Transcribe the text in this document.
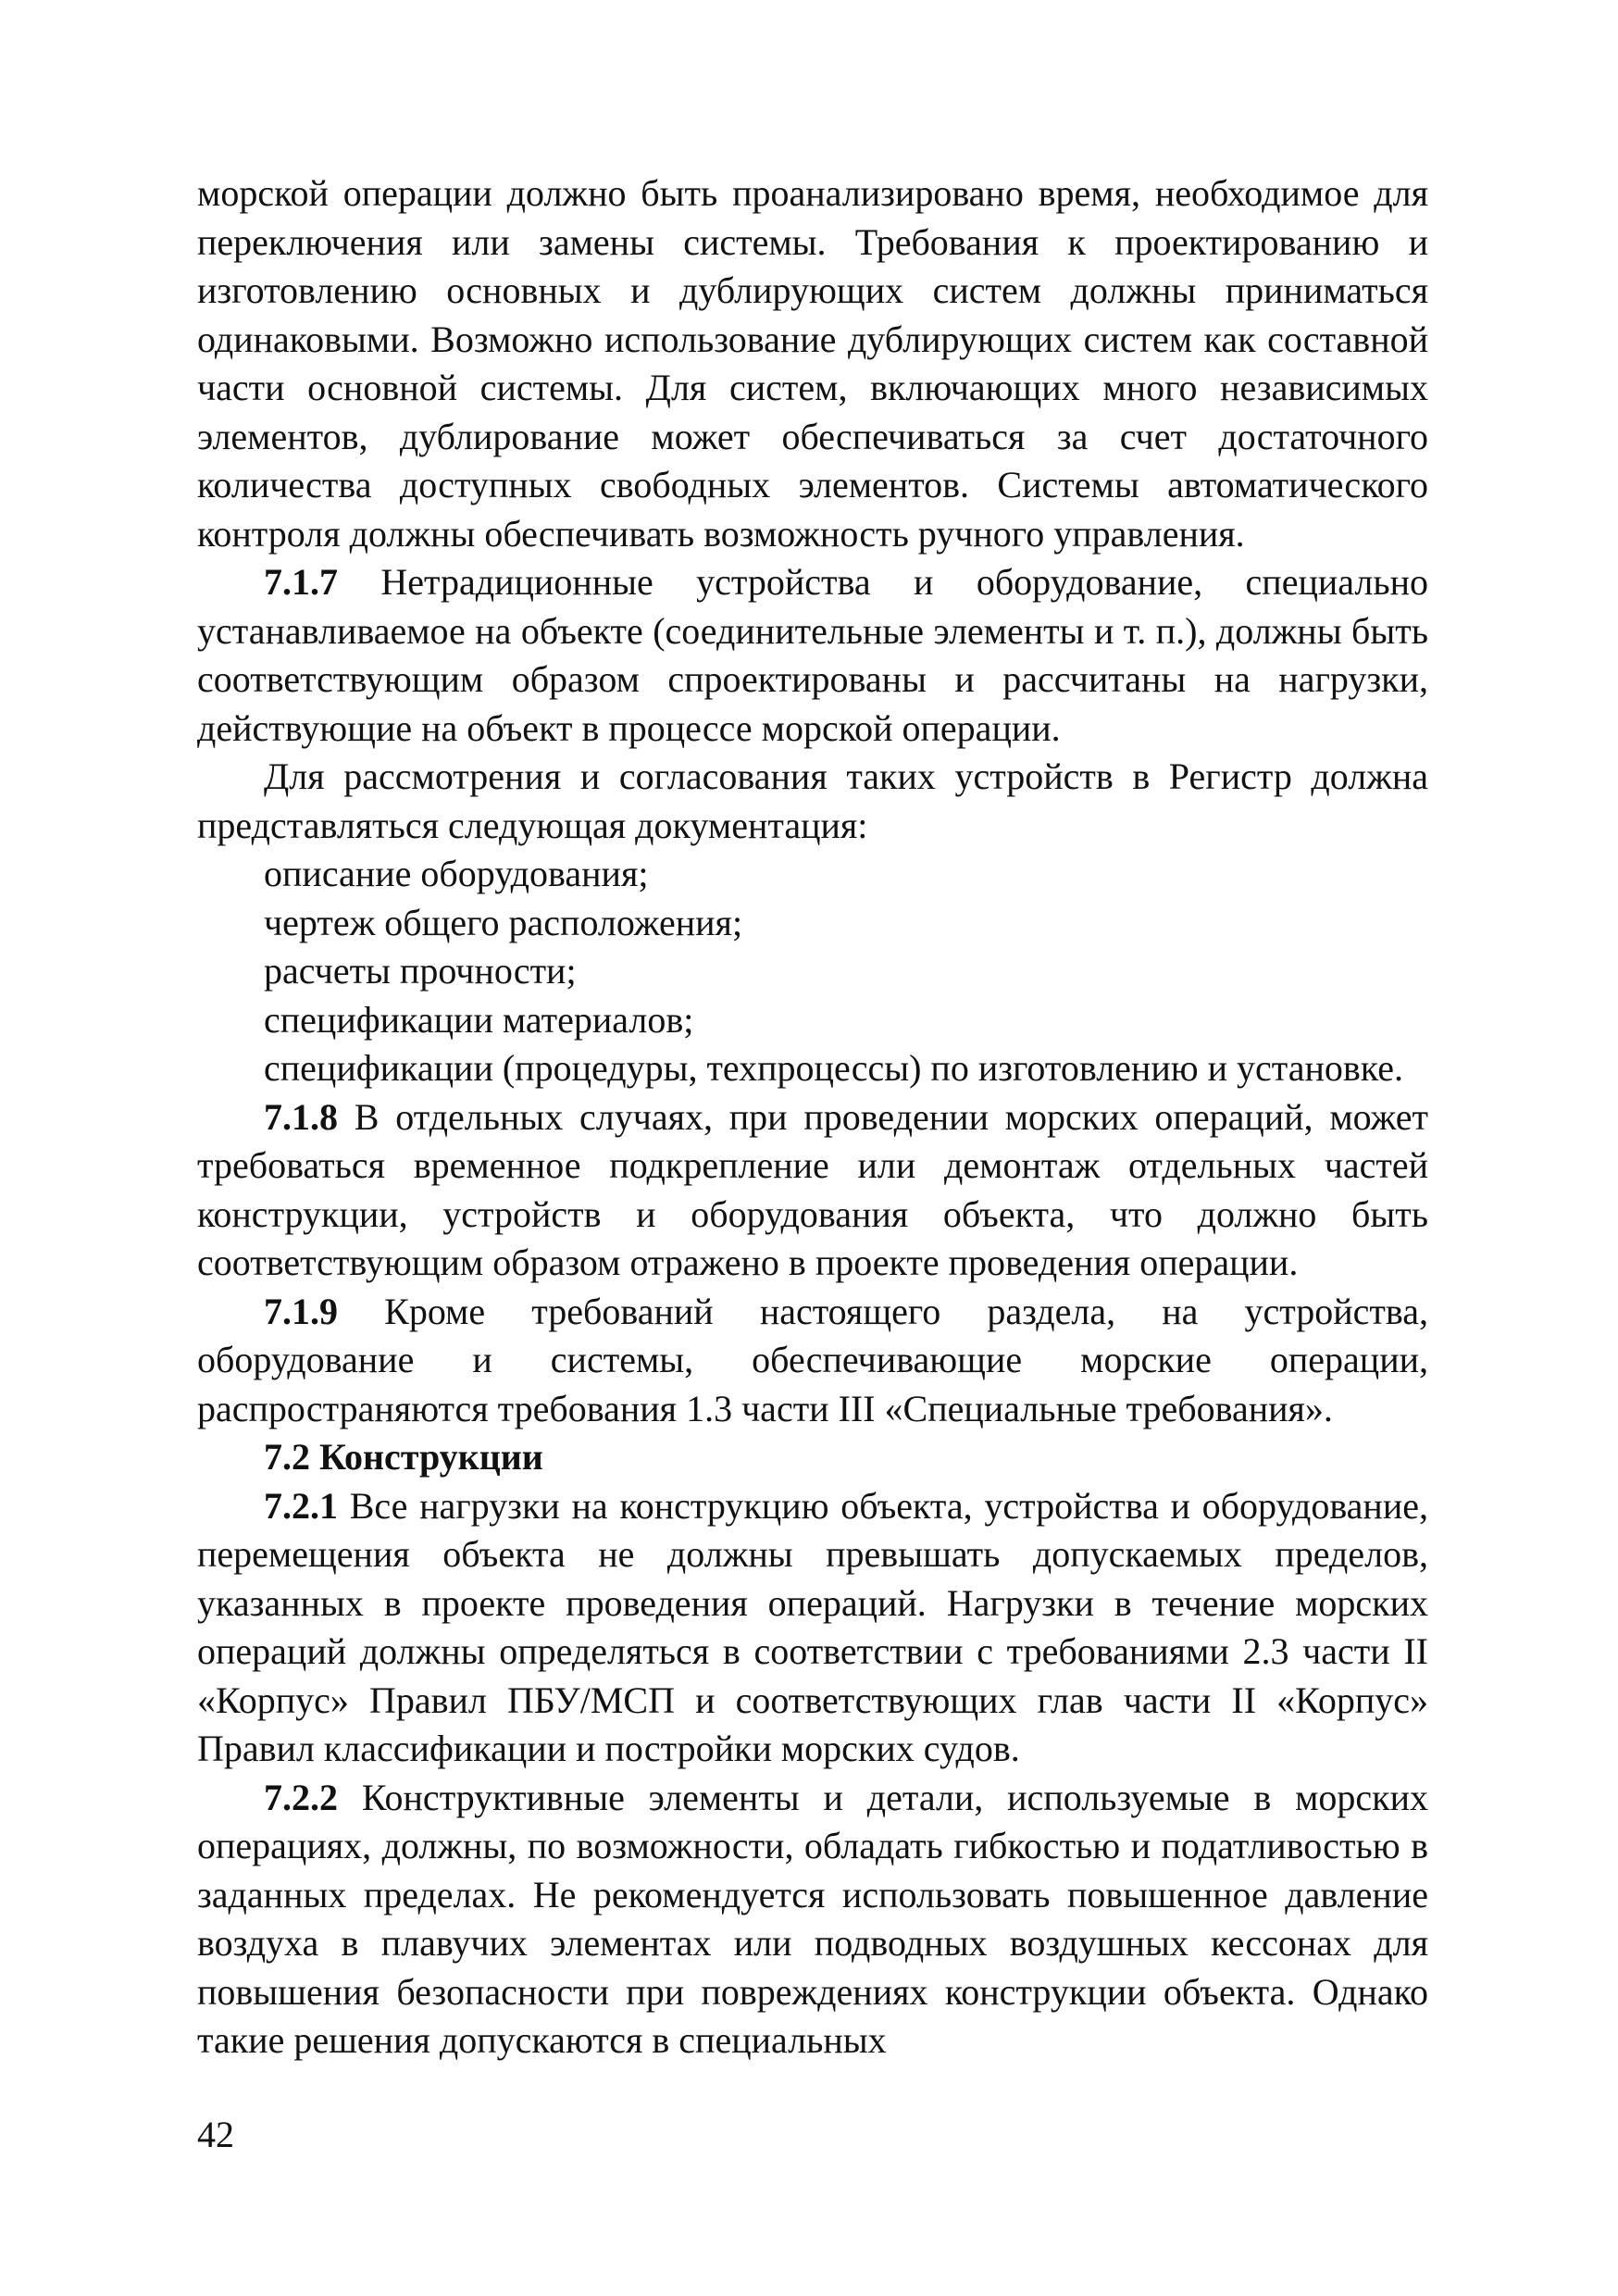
морской операции должно быть проанализировано время, необходимое для переключения или замены системы. Требования к проектированию и изготовлению основных и дублирующих систем должны приниматься одинаковыми. Возможно использование дублирующих систем как составной части основной системы. Для систем, включающих много независимых элементов, дублирование может обеспечиваться за счет достаточного количества доступных свободных элементов. Системы автоматического контроля должны обеспечивать возможность ручного управления.

7.1.7 Нетрадиционные устройства и оборудование, специально устанавливаемое на объекте (соединительные элементы и т. п.), должны быть соответствующим образом спроектированы и рассчитаны на нагрузки, действующие на объект в процессе морской операции.

Для рассмотрения и согласования таких устройств в Регистр должна представляться следующая документация:

описание оборудования;

чертеж общего расположения;

расчеты прочности;

спецификации материалов;

спецификации (процедуры, техпроцессы) по изготовлению и установке.

7.1.8 В отдельных случаях, при проведении морских операций, может требоваться временное подкрепление или демонтаж отдельных частей конструкции, устройств и оборудования объекта, что должно быть соответствующим образом отражено в проекте проведения операции.

7.1.9 Кроме требований настоящего раздела, на устройства, оборудование и системы, обеспечивающие морские операции, распространяются требования 1.3 части III «Специальные требования».

7.2 Конструкции

7.2.1 Все нагрузки на конструкцию объекта, устройства и оборудование, перемещения объекта не должны превышать допускаемых пределов, указанных в проекте проведения операций. Нагрузки в течение морских операций должны определяться в соответствии с требованиями 2.3 части II «Корпус» Правил ПБУ/МСП и соответствующих глав части II «Корпус» Правил классификации и постройки морских судов.

7.2.2 Конструктивные элементы и детали, используемые в морских операциях, должны, по возможности, обладать гибкостью и податливостью в заданных пределах. Не рекомендуется использовать повышенное давление воздуха в плавучих элементах или подводных воздушных кессонах для повышения безопасности при повреждениях конструкции объекта. Однако такие решения допускаются в специальных

42
